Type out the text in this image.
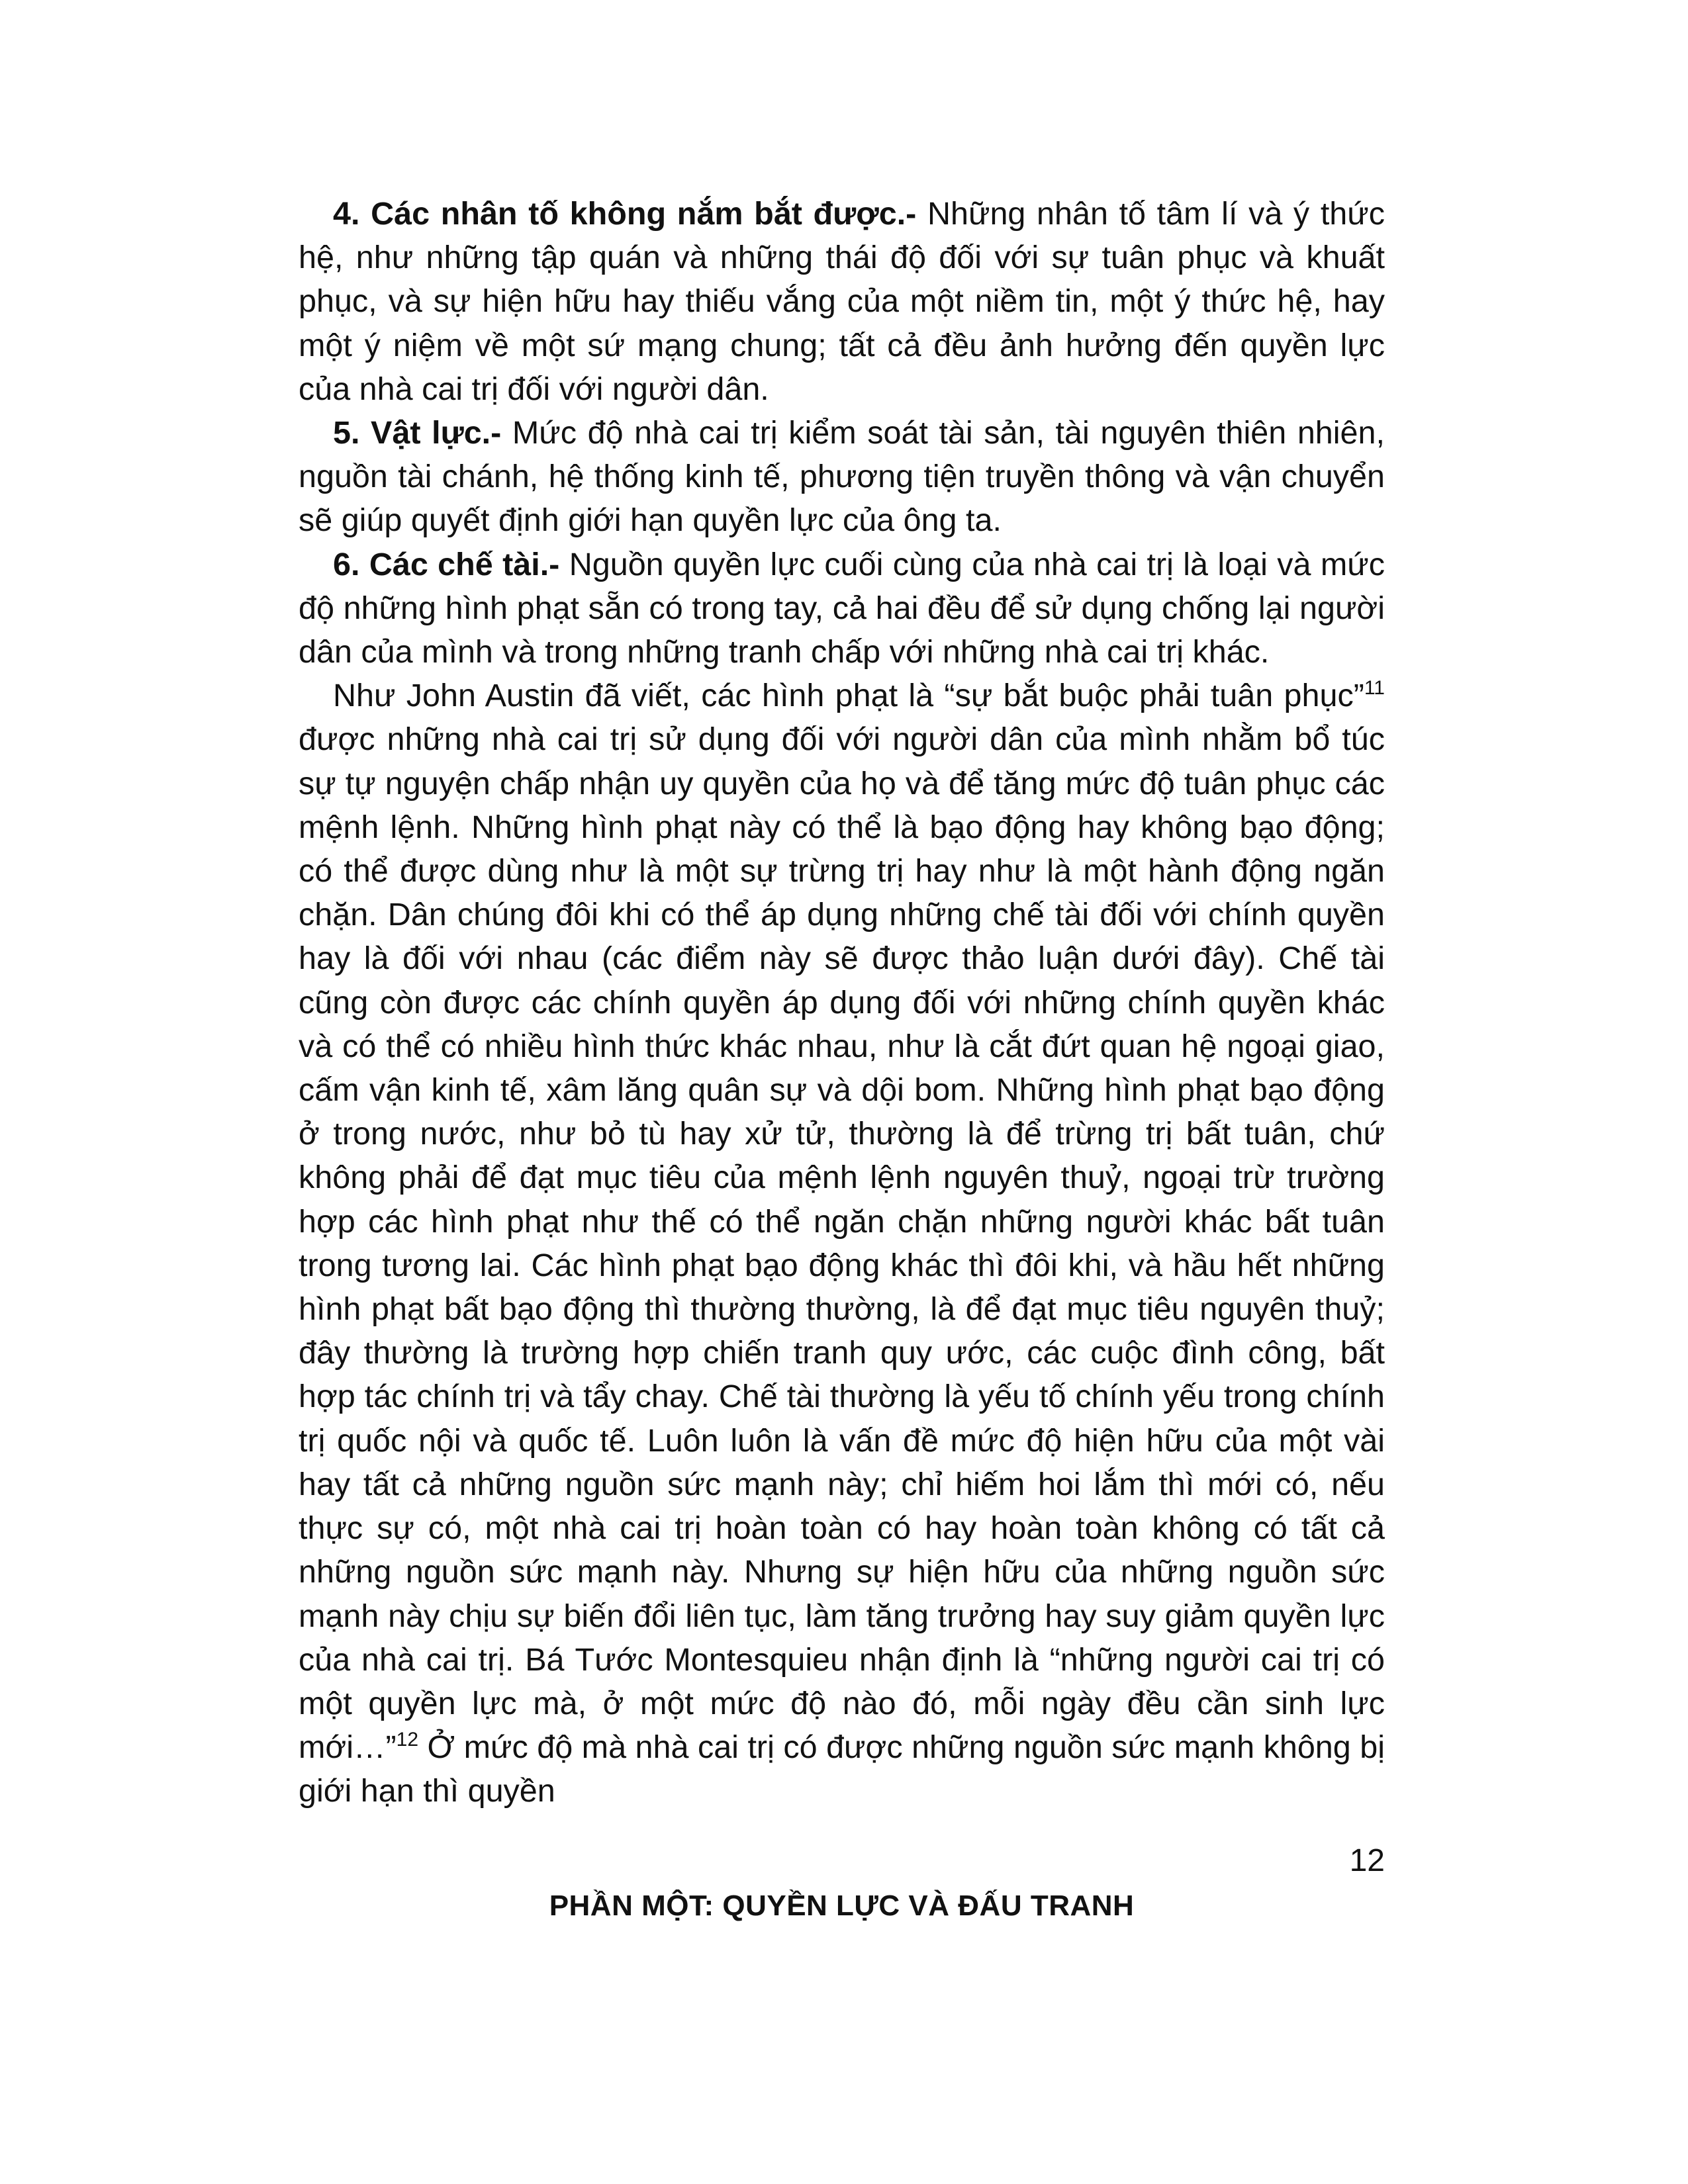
4. Các nhân tố không nắm bắt được.- Những nhân tố tâm lí và ý thức hệ, như những tập quán và những thái độ đối với sự tuân phục và khuất phục, và sự hiện hữu hay thiếu vắng của một niềm tin, một ý thức hệ, hay một ý niệm về một sứ mạng chung; tất cả đều ảnh hưởng đến quyền lực của nhà cai trị đối với người dân.

5. Vật lực.- Mức độ nhà cai trị kiểm soát tài sản, tài nguyên thiên nhiên, nguồn tài chánh, hệ thống kinh tế, phương tiện truyền thông và vận chuyển sẽ giúp quyết định giới hạn quyền lực của ông ta.

6. Các chế tài.- Nguồn quyền lực cuối cùng của nhà cai trị là loại và mức độ những hình phạt sẵn có trong tay, cả hai đều để sử dụng chống lại người dân của mình và trong những tranh chấp với những nhà cai trị khác.

Như John Austin đã viết, các hình phạt là “sự bắt buộc phải tuân phục”$^{11}$ được những nhà cai trị sử dụng đối với người dân của mình nhằm bổ túc sự tự nguyện chấp nhận uy quyền của họ và để tăng mức độ tuân phục các mệnh lệnh. Những hình phạt này có thể là bạo động hay không bạo động; có thể được dùng như là một sự trừng trị hay như là một hành động ngăn chặn. Dân chúng đôi khi có thể áp dụng những chế tài đối với chính quyền hay là đối với nhau (các điểm này sẽ được thảo luận dưới đây). Chế tài cũng còn được các chính quyền áp dụng đối với những chính quyền khác và có thể có nhiều hình thức khác nhau, như là cắt đứt quan hệ ngoại giao, cấm vận kinh tế, xâm lăng quân sự và dội bom. Những hình phạt bạo động ở trong nước, như bỏ tù hay xử tử, thường là để trừng trị bất tuân, chứ không phải để đạt mục tiêu của mệnh lệnh nguyên thuỷ, ngoại trừ trường hợp các hình phạt như thế có thể ngăn chặn những người khác bất tuân trong tương lai. Các hình phạt bạo động khác thì đôi khi, và hầu hết những hình phạt bất bạo động thì thường thường, là để đạt mục tiêu nguyên thuỷ; đây thường là trường hợp chiến tranh quy ước, các cuộc đình công, bất hợp tác chính trị và tẩy chay. Chế tài thường là yếu tố chính yếu trong chính trị quốc nội và quốc tế. Luôn luôn là vấn đề mức độ hiện hữu của một vài hay tất cả những nguồn sức mạnh này; chỉ hiếm hoi lắm thì mới có, nếu thực sự có, một nhà cai trị hoàn toàn có hay hoàn toàn không có tất cả những nguồn sức mạnh này. Nhưng sự hiện hữu của những nguồn sức mạnh này chịu sự biến đổi liên tục, làm tăng trưởng hay suy giảm quyền lực của nhà cai trị. Bá Tước Montesquieu nhận định là “những người cai trị có một quyền lực mà, ở một mức độ nào đó, mỗi ngày đều cần sinh lực mới…”$^{12}$ Ở mức độ mà nhà cai trị có được những nguồn sức mạnh không bị giới hạn thì quyền

12
PHẦN MỘT: QUYỀN LỰC VÀ ĐẤU TRANH
